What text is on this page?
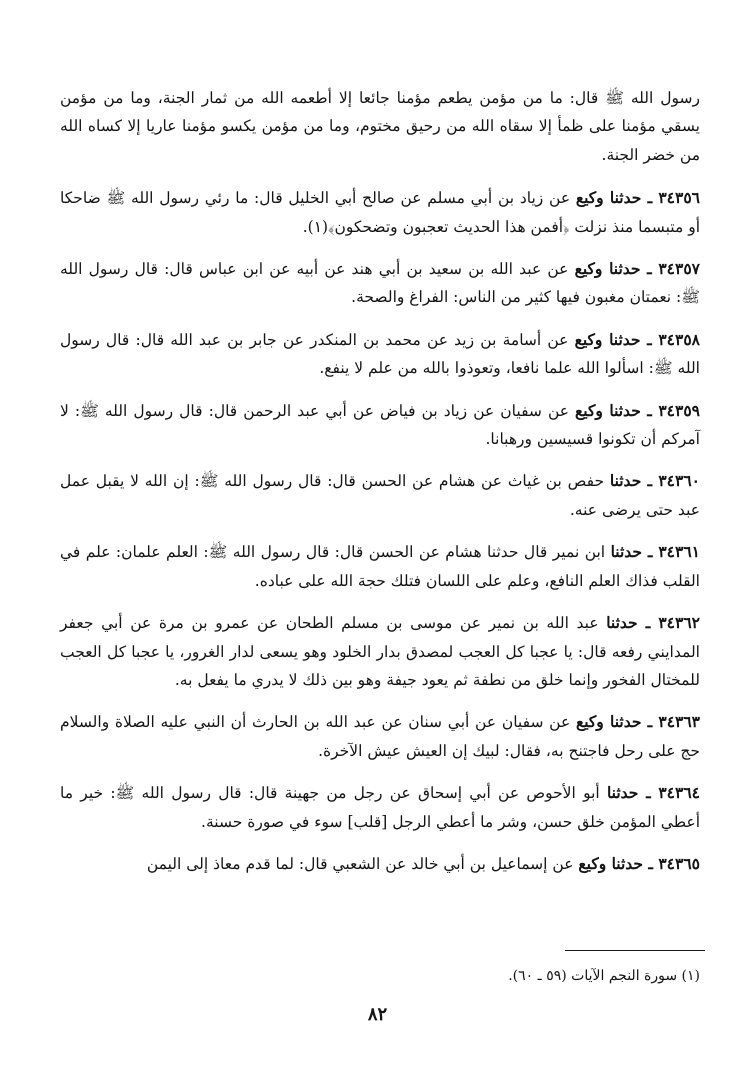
رسول الله ﷺ قال: ما من مؤمن يطعم مؤمنا جائعا إلا أطعمه الله من ثمار الجنة، وما من مؤمن يسقي مؤمنا على ظمأ إلا سقاه الله من رحيق مختوم، وما من مؤمن يكسو مؤمنا عاريا إلا كساه الله من خضر الجنة.

٣٤٣٥٦ ـ حدثنا وكيع عن زياد بن أبي مسلم عن صالح أبي الخليل قال: ما رئي رسول الله ﷺ ضاحكا أو متبسما منذ نزلت ﴿أفمن هذا الحديث تعجبون وتضحكون﴾(١).

٣٤٣٥٧ ـ حدثنا وكيع عن عبد الله بن سعيد بن أبي هند عن أبيه عن ابن عباس قال: قال رسول الله ﷺ: نعمتان مغبون فيها كثير من الناس: الفراغ والصحة.

٣٤٣٥٨ ـ حدثنا وكيع عن أسامة بن زيد عن محمد بن المنكدر عن جابر بن عبد الله قال: قال رسول الله ﷺ: اسألوا الله علما نافعا، وتعوذوا بالله من علم لا ينفع.

٣٤٣٥٩ ـ حدثنا وكيع عن سفيان عن زياد بن فياض عن أبي عبد الرحمن قال: قال رسول الله ﷺ: لا آمركم أن تكونوا قسيسين ورهبانا.

٣٤٣٦٠ ـ حدثنا حفص بن غياث عن هشام عن الحسن قال: قال رسول الله ﷺ: إن الله لا يقبل عمل عبد حتى يرضى عنه.

٣٤٣٦١ ـ حدثنا ابن نمير قال حدثنا هشام عن الحسن قال: قال رسول الله ﷺ: العلم علمان: علم في القلب فذاك العلم النافع، وعلم على اللسان فتلك حجة الله على عباده.

٣٤٣٦٢ ـ حدثنا عبد الله بن نمير عن موسى بن مسلم الطحان عن عمرو بن مرة عن أبي جعفر المدايني رفعه قال: يا عجبا كل العجب لمصدق بدار الخلود وهو يسعى لدار الغرور، يا عجبا كل العجب للمختال الفخور وإنما خلق من نطفة ثم يعود جيفة وهو بين ذلك لا يدري ما يفعل به.

٣٤٣٦٣ ـ حدثنا وكيع عن سفيان عن أبي سنان عن عبد الله بن الحارث أن النبي عليه الصلاة والسلام حج على رحل فاجتنح به، فقال: لبيك إن العيش عيش الآخرة.

٣٤٣٦٤ ـ حدثنا أبو الأحوص عن أبي إسحاق عن رجل من جهينة قال: قال رسول الله ﷺ: خير ما أعطي المؤمن خلق حسن، وشر ما أعطي الرجل [قلب] سوء في صورة حسنة.

٣٤٣٦٥ ـ حدثنا وكيع عن إسماعيل بن أبي خالد عن الشعبي قال: لما قدم معاذ إلى اليمن

(١) سورة النجم الآيات (٥٩ ـ ٦٠).
٨٢
